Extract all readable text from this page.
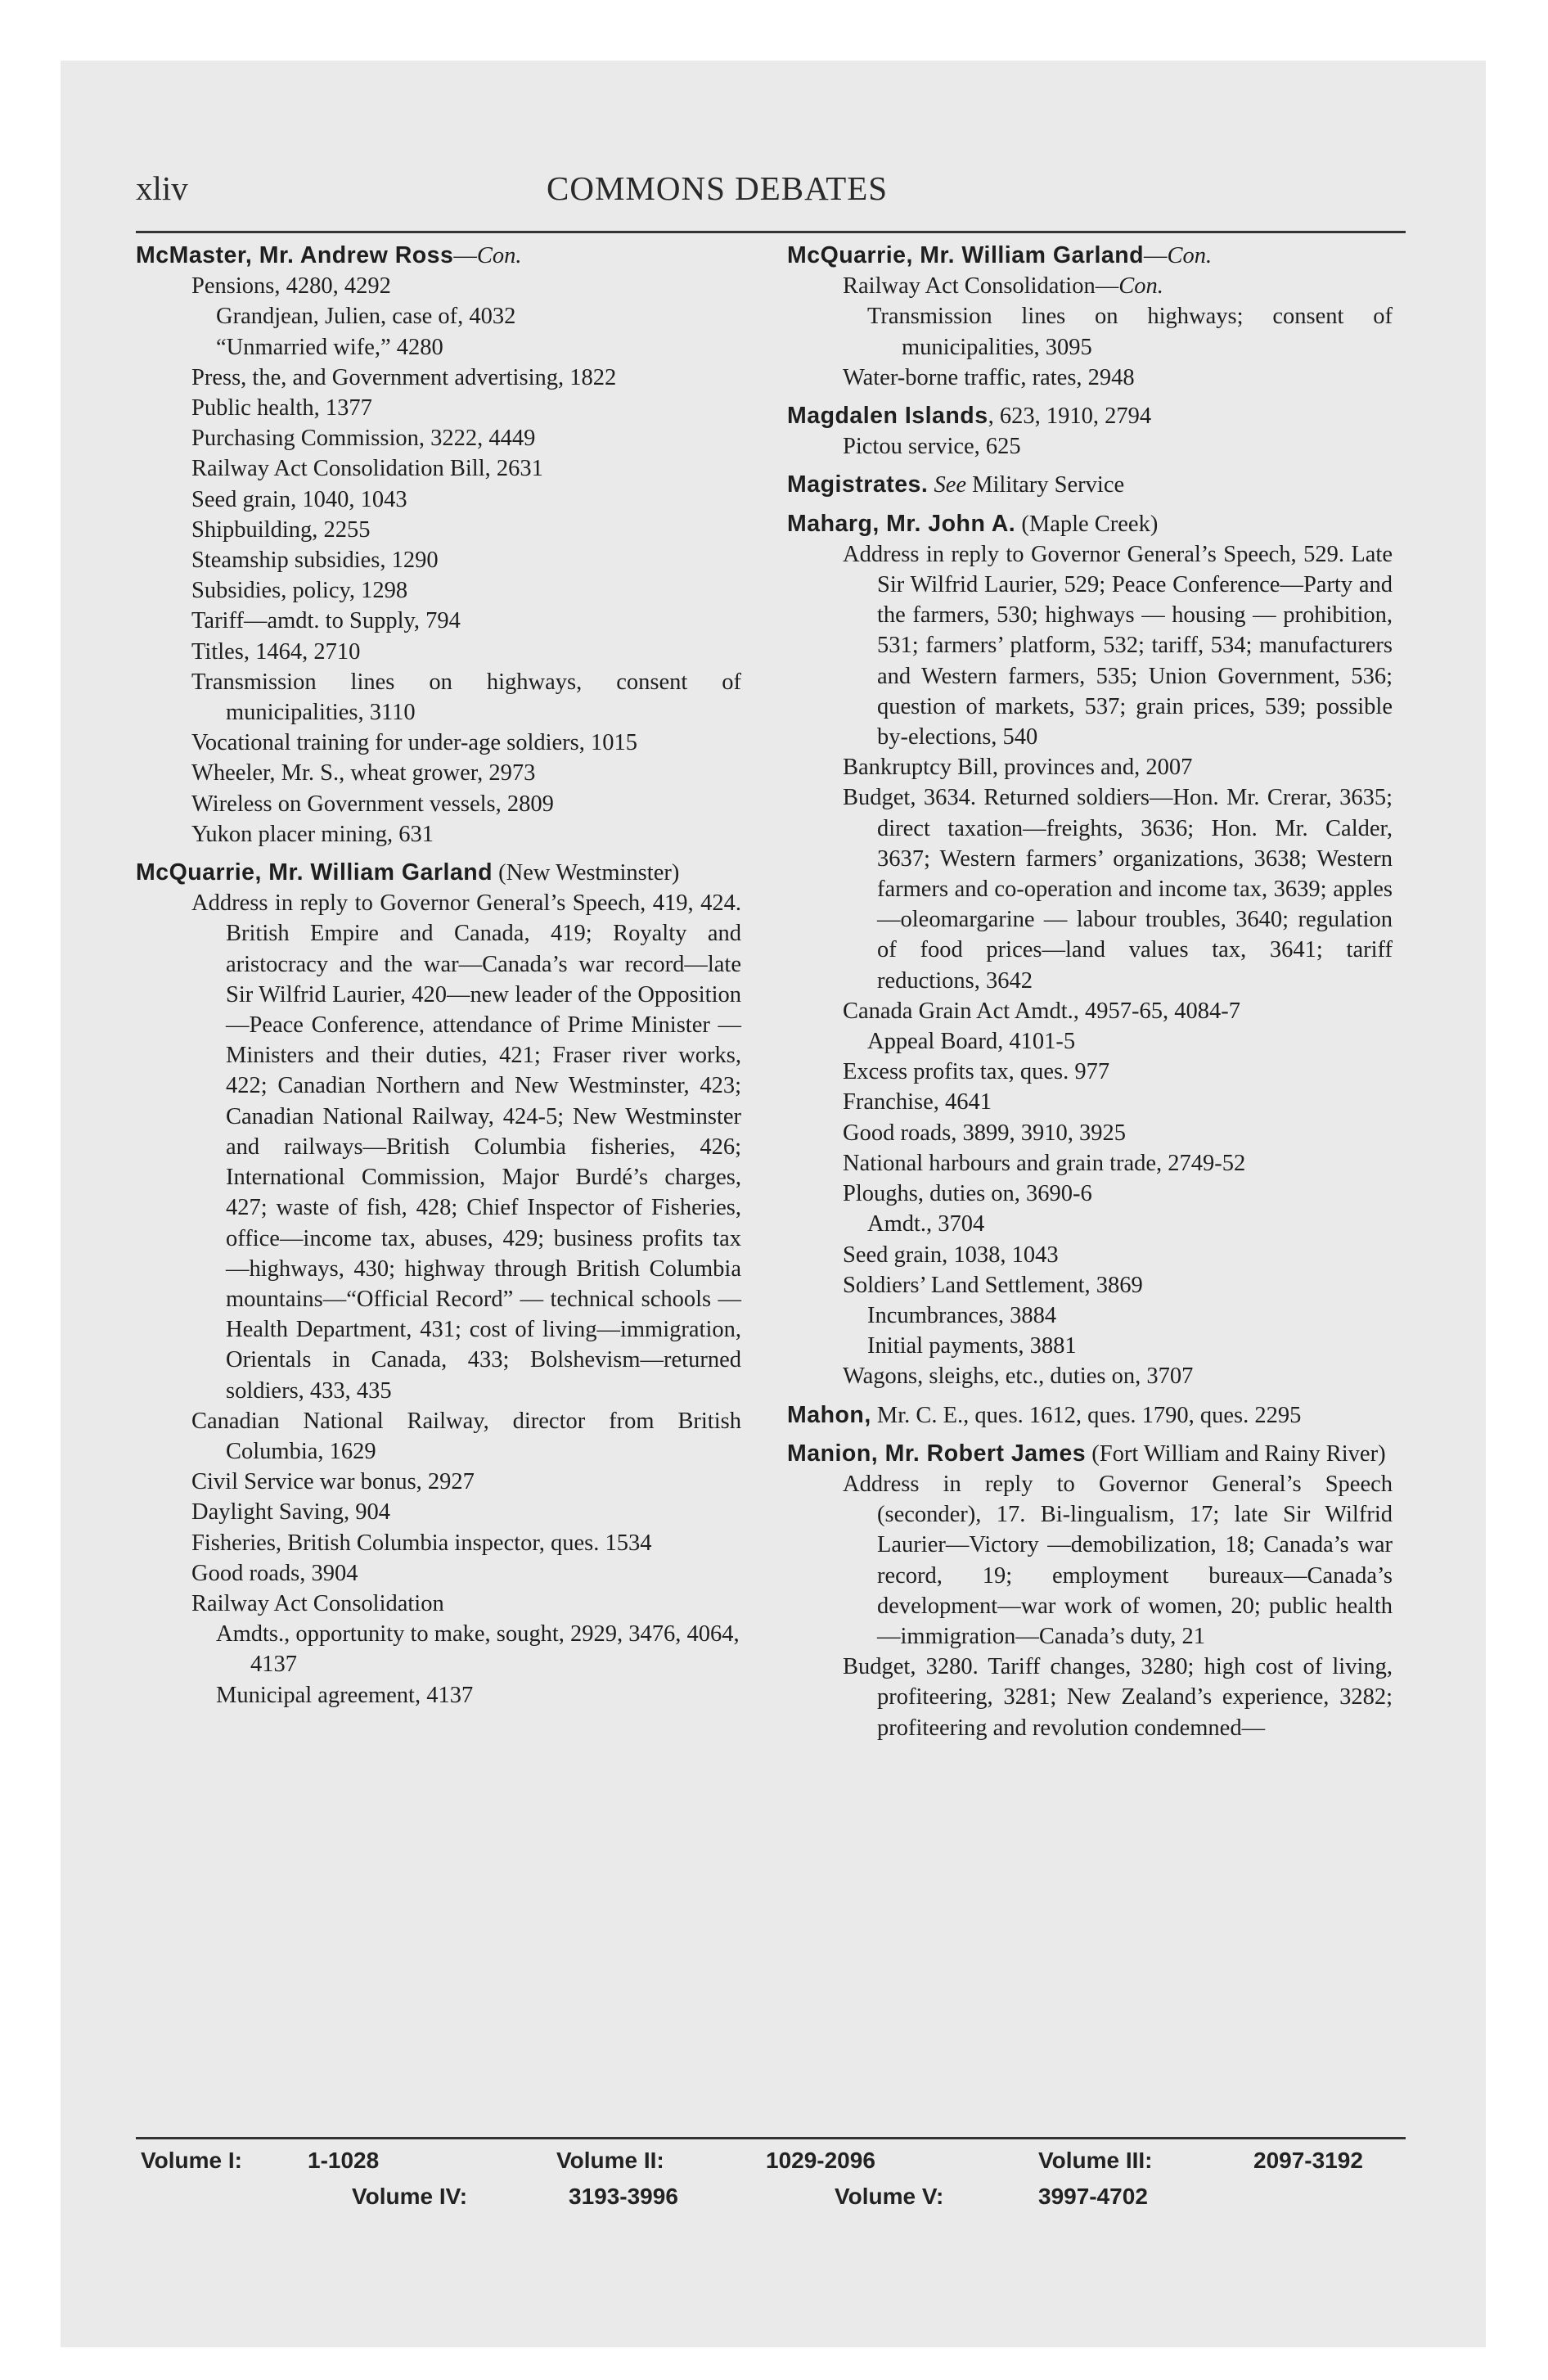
xliv	COMMONS DEBATES
McMaster, Mr. Andrew Ross—Con.
Pensions, 4280, 4292
Grandjean, Julien, case of, 4032
“Unmarried wife,” 4280
Press, the, and Government advertising, 1822
Public health, 1377
Purchasing Commission, 3222, 4449
Railway Act Consolidation Bill, 2631
Seed grain, 1040, 1043
Shipbuilding, 2255
Steamship subsidies, 1290
Subsidies, policy, 1298
Tariff—amdt. to Supply, 794
Titles, 1464, 2710
Transmission lines on highways, consent of municipalities, 3110
Vocational training for under-age soldiers, 1015
Wheeler, Mr. S., wheat grower, 2973
Wireless on Government vessels, 2809
Yukon placer mining, 631
McQuarrie, Mr. William Garland (New Westminster)
Address in reply to Governor General’s Speech, 419, 424. British Empire and Canada, 419; Royalty and aristocracy and the war—Canada’s war record—late Sir Wilfrid Laurier, 420—new leader of the Opposition—Peace Conference, attendance of Prime Minister —Ministers and their duties, 421; Fraser river works, 422; Canadian Northern and New Westminster, 423; Canadian National Railway, 424-5; New Westminster and railways—British Columbia fisheries, 426; International Commission, Major Burdé’s charges, 427; waste of fish, 428; Chief Inspector of Fisheries, office—income tax, abuses, 429; business profits tax—highways, 430; highway through British Columbia mountains—“Official Record” — technical schools — Health Department, 431; cost of living—immigration, Orientals in Canada, 433; Bolshevism—returned soldiers, 433, 435
Canadian National Railway, director from British Columbia, 1629
Civil Service war bonus, 2927
Daylight Saving, 904
Fisheries, British Columbia inspector, ques. 1534
Good roads, 3904
Railway Act Consolidation
Amdts., opportunity to make, sought, 2929, 3476, 4064, 4137
Municipal agreement, 4137
McQuarrie, Mr. William Garland—Con.
Railway Act Consolidation—Con.
Transmission lines on highways; consent of municipalities, 3095
Water-borne traffic, rates, 2948
Magdalen Islands, 623, 1910, 2794
Pictou service, 625
Magistrates. See Military Service
Maharg, Mr. John A. (Maple Creek)
Address in reply to Governor General’s Speech, 529. Late Sir Wilfrid Laurier, 529; Peace Conference—Party and the farmers, 530; highways — housing — prohibition, 531; farmers’ platform, 532; tariff, 534; manufacturers and Western farmers, 535; Union Government, 536; question of markets, 537; grain prices, 539; possible by-elections, 540
Bankruptcy Bill, provinces and, 2007
Budget, 3634. Returned soldiers—Hon. Mr. Crerar, 3635; direct taxation—freights, 3636; Hon. Mr. Calder, 3637; Western farmers’ organizations, 3638; Western farmers and co-operation and income tax, 3639; apples—oleomargarine — labour troubles, 3640; regulation of food prices—land values tax, 3641; tariff reductions, 3642
Canada Grain Act Amdt., 4957-65, 4084-7
Appeal Board, 4101-5
Excess profits tax, ques. 977
Franchise, 4641
Good roads, 3899, 3910, 3925
National harbours and grain trade, 2749-52
Ploughs, duties on, 3690-6
Amdt., 3704
Seed grain, 1038, 1043
Soldiers’ Land Settlement, 3869
Incumbrances, 3884
Initial payments, 3881
Wagons, sleighs, etc., duties on, 3707
Mahon, Mr. C. E., ques. 1612, ques. 1790, ques. 2295
Manion, Mr. Robert James (Fort William and Rainy River)
Address in reply to Governor General’s Speech (seconder), 17. Bi-lingualism, 17; late Sir Wilfrid Laurier—Victory —demobilization, 18; Canada’s war record, 19; employment bureaux—Canada’s development—war work of women, 20; public health—immigration—Canada’s duty, 21
Budget, 3280. Tariff changes, 3280; high cost of living, profiteering, 3281; New Zealand’s experience, 3282; profiteering and revolution condemned—
Volume I:	1-1028	Volume II:	1029-2096	Volume III:	2097-3192
Volume IV:	3193-3996	Volume V:	3997-4702
